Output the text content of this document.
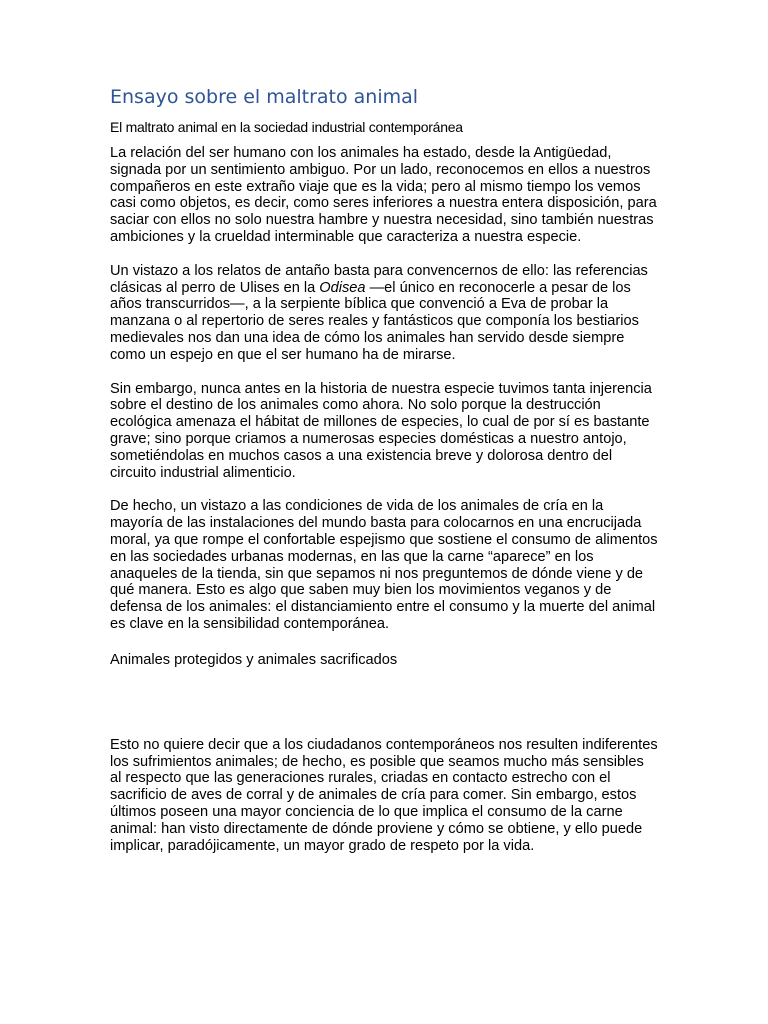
Ensayo sobre el maltrato animal

El maltrato animal en la sociedad industrial contemporánea

La relación del ser humano con los animales ha estado, desde la Antigüedad, signada por un sentimiento ambiguo. Por un lado, reconocemos en ellos a nuestros compañeros en este extraño viaje que es la vida; pero al mismo tiempo los vemos casi como objetos, es decir, como seres inferiores a nuestra entera disposición, para saciar con ellos no solo nuestra hambre y nuestra necesidad, sino también nuestras ambiciones y la crueldad interminable que caracteriza a nuestra especie.

Un vistazo a los relatos de antaño basta para convencernos de ello: las referencias clásicas al perro de Ulises en la Odisea —el único en reconocerle a pesar de los años transcurridos—, a la serpiente bíblica que convenció a Eva de probar la manzana o al repertorio de seres reales y fantásticos que componía los bestiarios medievales nos dan una idea de cómo los animales han servido desde siempre como un espejo en que el ser humano ha de mirarse.

Sin embargo, nunca antes en la historia de nuestra especie tuvimos tanta injerencia sobre el destino de los animales como ahora. No solo porque la destrucción ecológica amenaza el hábitat de millones de especies, lo cual de por sí es bastante grave; sino porque criamos a numerosas especies domésticas a nuestro antojo, sometiéndolas en muchos casos a una existencia breve y dolorosa dentro del circuito industrial alimenticio.

De hecho, un vistazo a las condiciones de vida de los animales de cría en la mayoría de las instalaciones del mundo basta para colocarnos en una encrucijada moral, ya que rompe el confortable espejismo que sostiene el consumo de alimentos en las sociedades urbanas modernas, en las que la carne “aparece” en los anaqueles de la tienda, sin que sepamos ni nos preguntemos de dónde viene y de qué manera. Esto es algo que saben muy bien los movimientos veganos y de defensa de los animales: el distanciamiento entre el consumo y la muerte del animal es clave en la sensibilidad contemporánea.

Animales protegidos y animales sacrificados

Esto no quiere decir que a los ciudadanos contemporáneos nos resulten indiferentes los sufrimientos animales; de hecho, es posible que seamos mucho más sensibles al respecto que las generaciones rurales, criadas en contacto estrecho con el sacrificio de aves de corral y de animales de cría para comer. Sin embargo, estos últimos poseen una mayor conciencia de lo que implica el consumo de la carne animal: han visto directamente de dónde proviene y cómo se obtiene, y ello puede implicar, paradójicamente, un mayor grado de respeto por la vida.
